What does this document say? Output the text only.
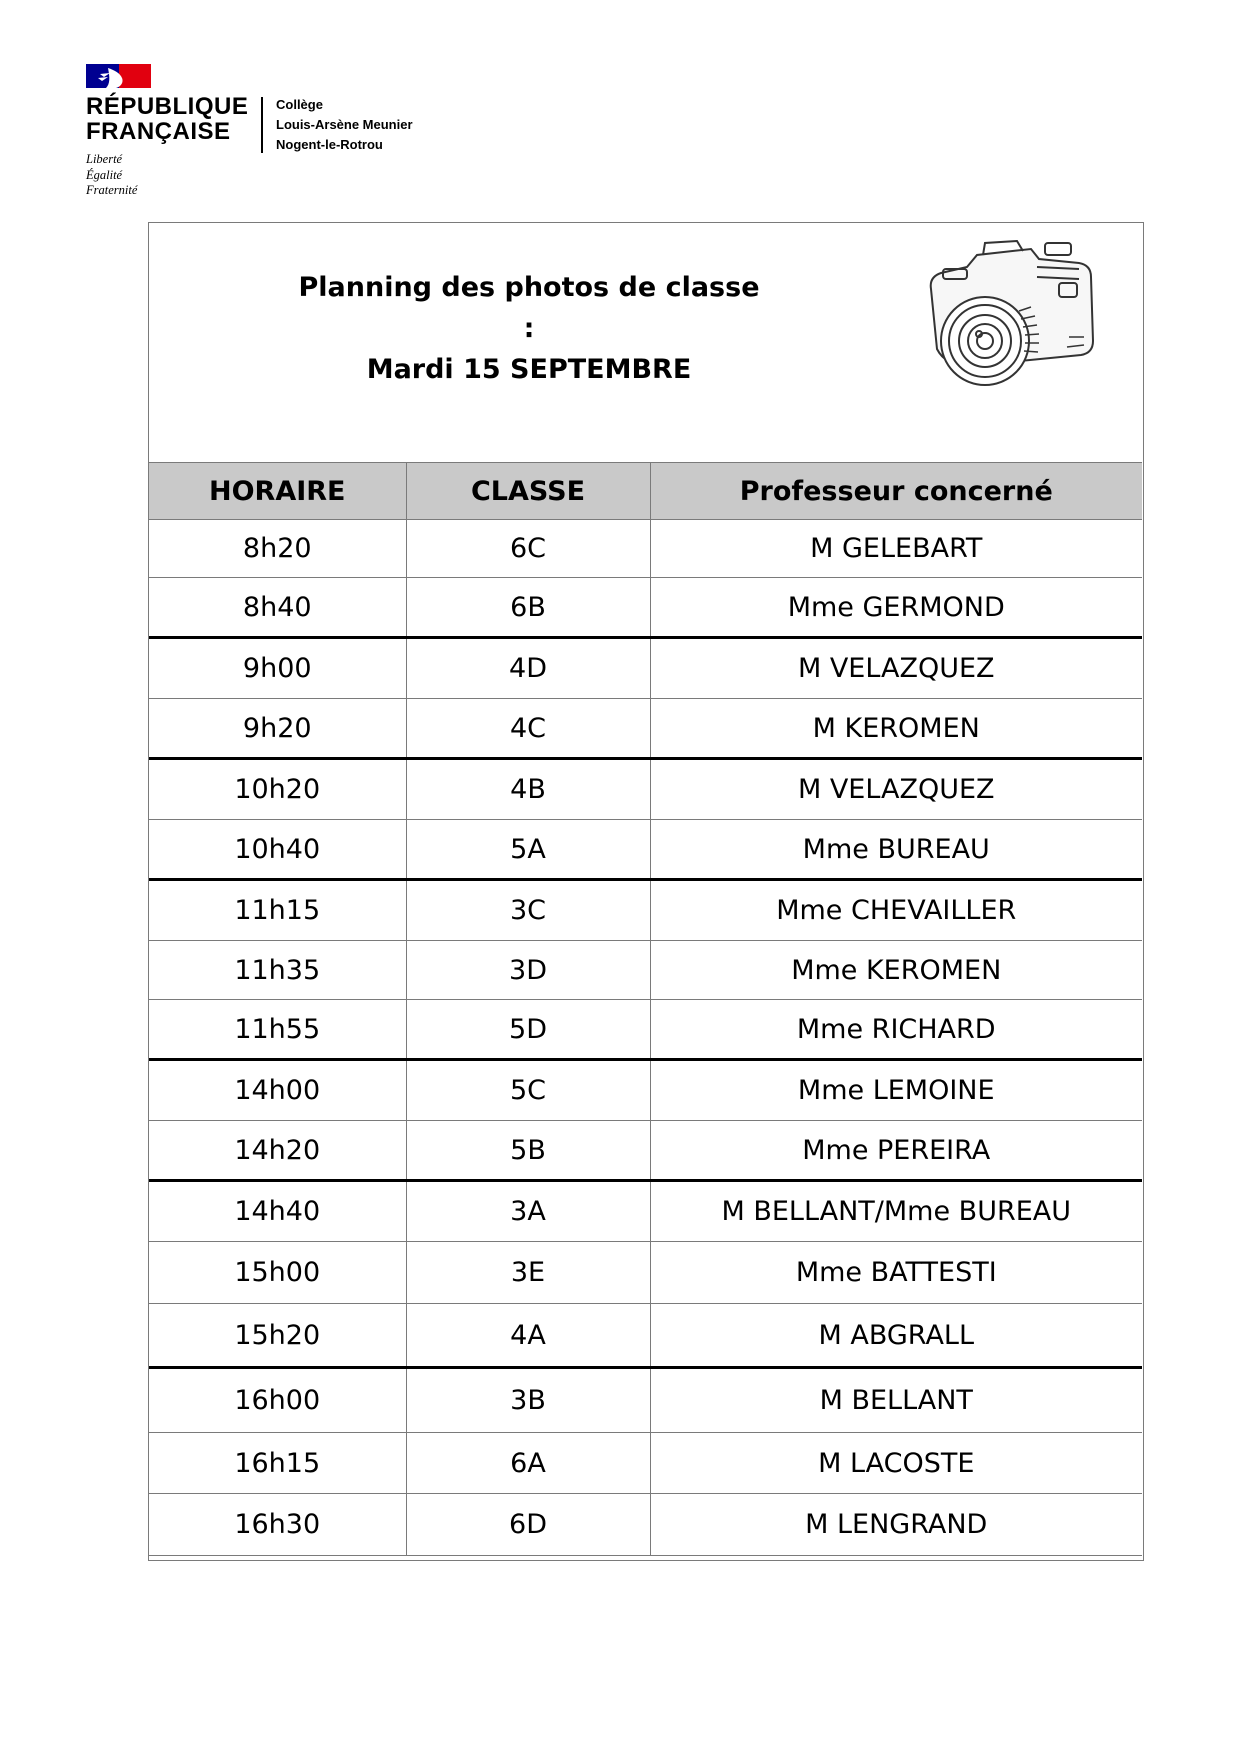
RÉPUBLIQUE
FRANÇAISE
Liberté
Égalité
Fraternité
Collège
Louis-Arsène Meunier
Nogent-le-Rotrou
Planning des photos de classe :
Mardi 15 SEPTEMBRE
HORAIRE	CLASSE	Professeur concerné
8h20	6C	M GELEBART
8h40	6B	Mme GERMOND
9h00	4D	M VELAZQUEZ
9h20	4C	M KEROMEN
10h20	4B	M VELAZQUEZ
10h40	5A	Mme BUREAU
11h15	3C	Mme CHEVAILLER
11h35	3D	Mme KEROMEN
11h55	5D	Mme RICHARD
14h00	5C	Mme LEMOINE
14h20	5B	Mme PEREIRA
14h40	3A	M BELLANT/Mme BUREAU
15h00	3E	Mme BATTESTI
15h20	4A	M ABGRALL
16h00	3B	M BELLANT
16h15	6A	M LACOSTE
16h30	6D	M LENGRAND
